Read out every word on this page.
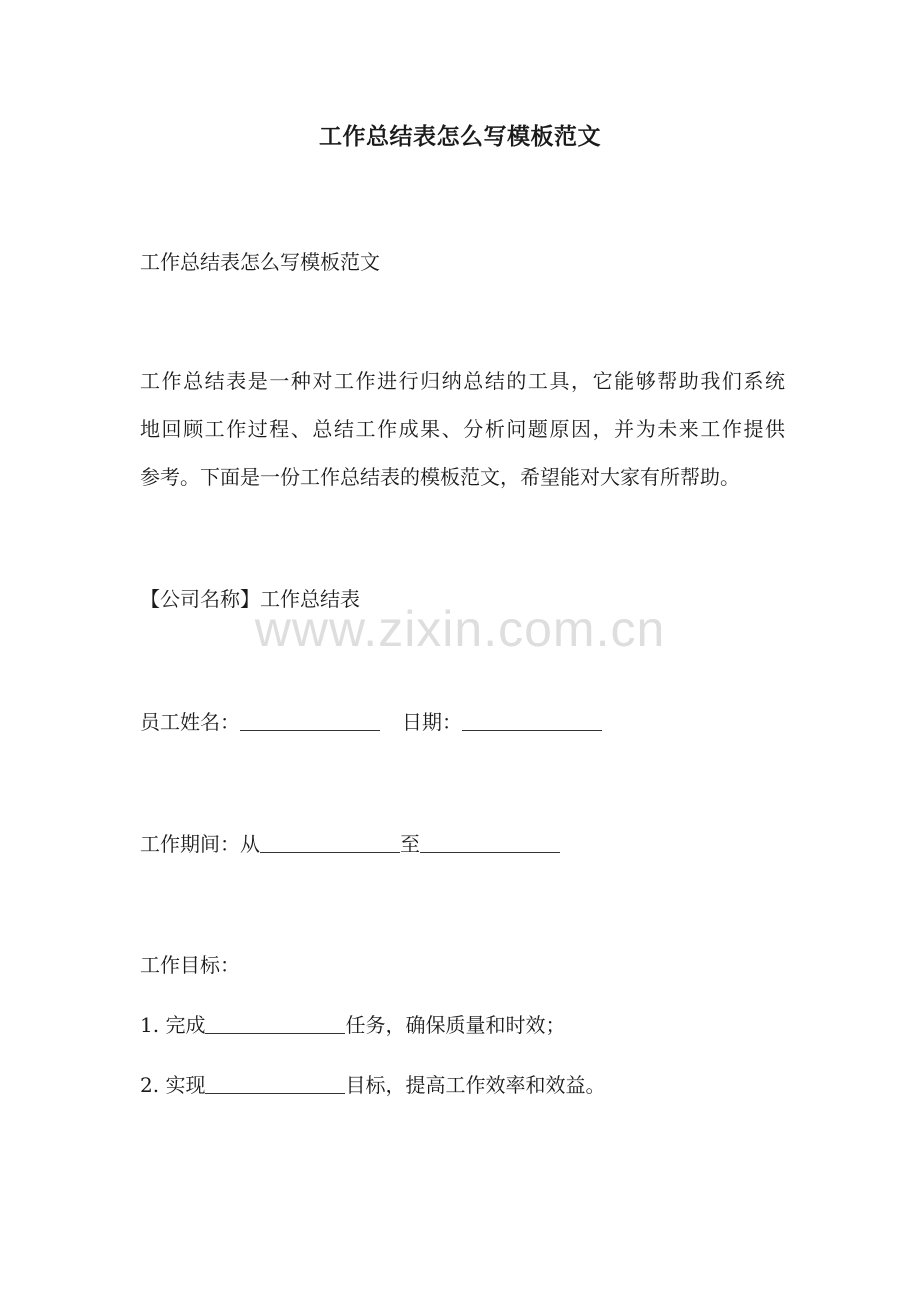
工作总结表怎么写模板范文
工作总结表怎么写模板范文
工作总结表是一种对工作进行归纳总结的工具，它能够帮助我们系统
地回顾工作过程、总结工作成果、分析问题原因，并为未来工作提供
参考。下面是一份工作总结表的模板范文，希望能对大家有所帮助。
【公司名称】工作总结表
www.zixin.com.cn
员工姓名：	日期：
工作期间：从	至
工作目标：
1. 完成	任务，确保质量和时效；
2. 实现	目标，提高工作效率和效益。
